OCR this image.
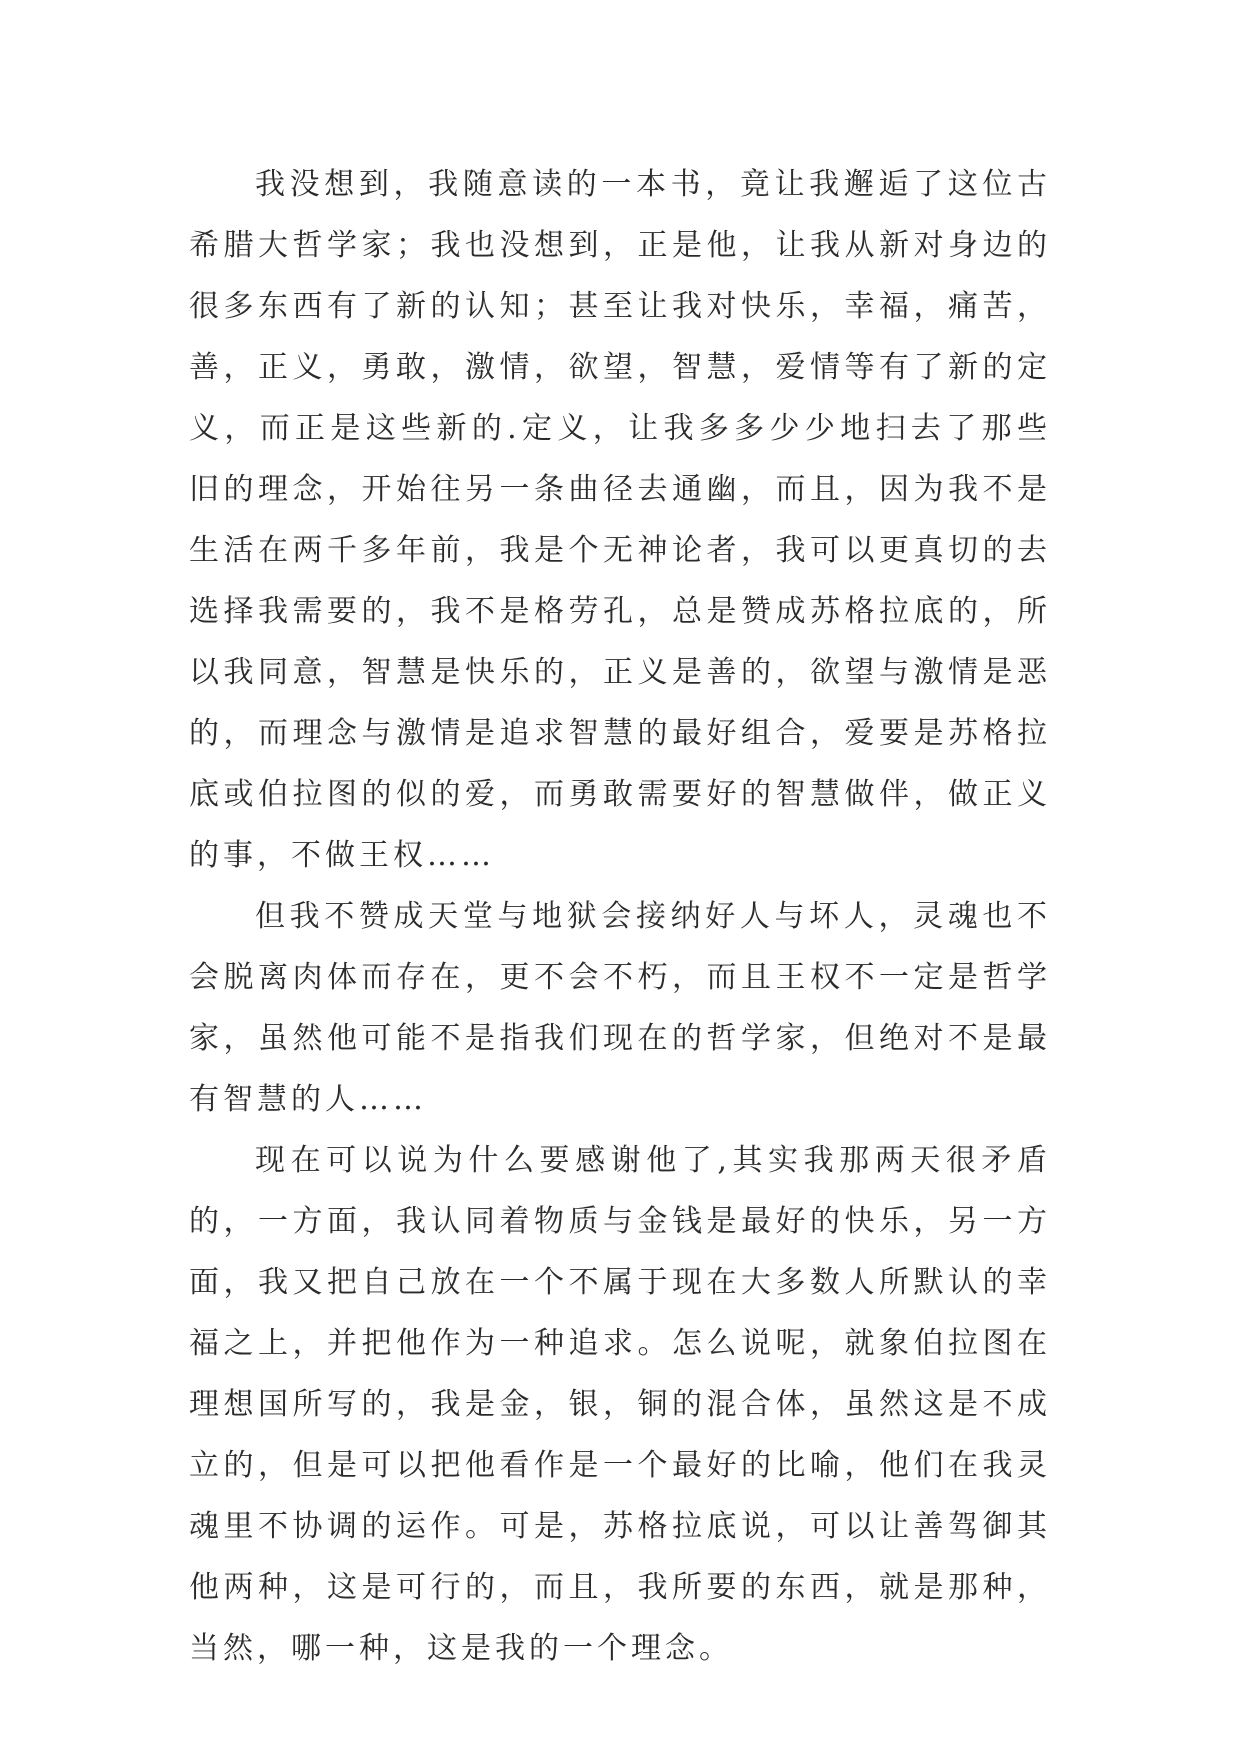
我没想到，我随意读的一本书，竟让我邂逅了这位古希腊大哲学家；我也没想到，正是他，让我从新对身边的很多东西有了新的认知；甚至让我对快乐，幸福，痛苦，善，正义，勇敢，激情，欲望，智慧，爱情等有了新的定义，而正是这些新的.定义，让我多多少少地扫去了那些旧的理念，开始往另一条曲径去通幽，而且，因为我不是生活在两千多年前，我是个无神论者，我可以更真切的去选择我需要的，我不是格劳孔，总是赞成苏格拉底的，所以我同意，智慧是快乐的，正义是善的，欲望与激情是恶的，而理念与激情是追求智慧的最好组合，爱要是苏格拉底或伯拉图的似的爱，而勇敢需要好的智慧做伴，做正义的事，不做王权……

但我不赞成天堂与地狱会接纳好人与坏人，灵魂也不会脱离肉体而存在，更不会不朽，而且王权不一定是哲学家，虽然他可能不是指我们现在的哲学家，但绝对不是最有智慧的人……

现在可以说为什么要感谢他了,其实我那两天很矛盾的，一方面，我认同着物质与金钱是最好的快乐，另一方面，我又把自己放在一个不属于现在大多数人所默认的幸福之上，并把他作为一种追求。怎么说呢，就象伯拉图在理想国所写的，我是金，银，铜的混合体，虽然这是不成立的，但是可以把他看作是一个最好的比喻，他们在我灵魂里不协调的运作。可是，苏格拉底说，可以让善驾御其他两种，这是可行的，而且，我所要的东西，就是那种，当然，哪一种，这是我的一个理念。
